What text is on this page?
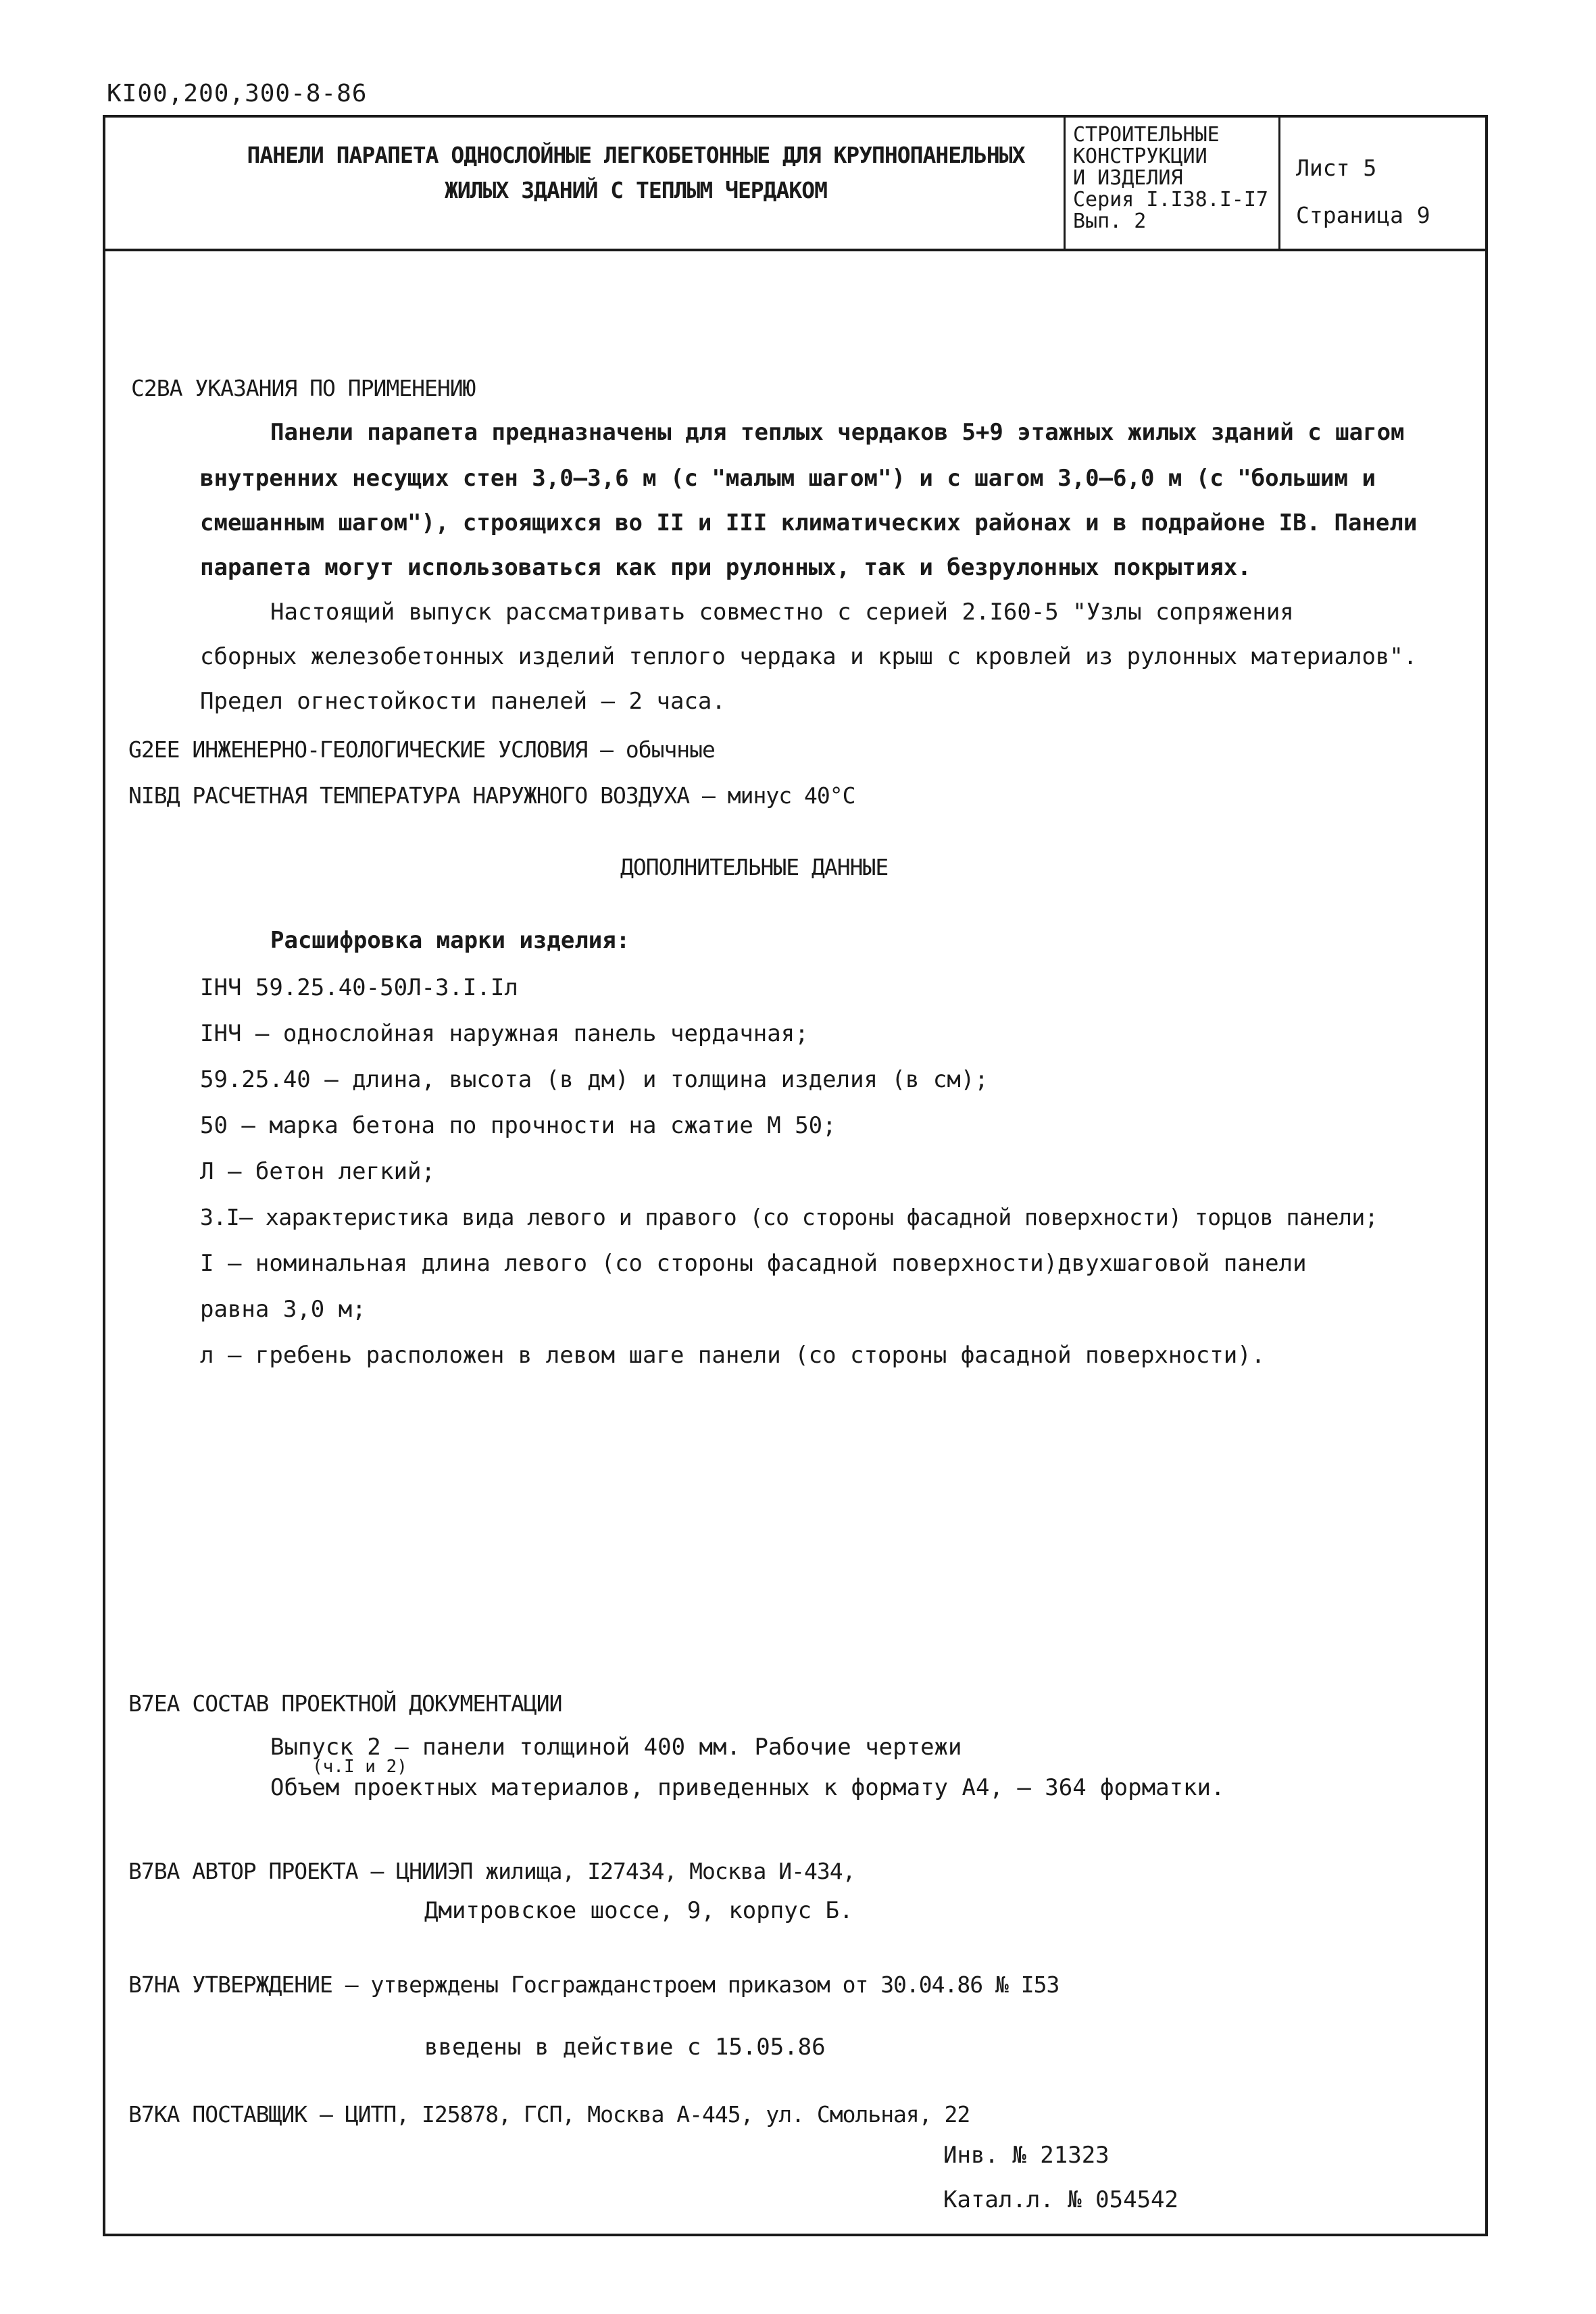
КI00,200,300-8-86
ПАНЕЛИ ПАРАПЕТА ОДНОСЛОЙНЫЕ ЛЕГКОБЕТОННЫЕ ДЛЯ КРУПНОПАНЕЛЬНЫХ
ЖИЛЫХ ЗДАНИЙ С ТЕПЛЫМ ЧЕРДАКОМ
СТРОИТЕЛЬНЫЕ
КОНСТРУКЦИИ
И ИЗДЕЛИЯ
Серия I.I38.I-I7
Вып. 2
Лист 5
Страница 9
С2ВА УКАЗАНИЯ ПО ПРИМЕНЕНИЮ
Панели парапета предназначены для теплых чердаков 5+9 этажных жилых зданий с шагом
внутренних несущих стен 3,0–3,6 м (с "малым шагом") и с шагом 3,0–6,0 м (с "большим и
смешанным шагом"), строящихся во II и III климатических районах и в подрайоне IВ. Панели
парапета могут использоваться как при рулонных, так и безрулонных покрытиях.
Настоящий выпуск рассматривать совместно с серией 2.I60-5 "Узлы сопряжения
сборных железобетонных изделий теплого чердака и крыш с кровлей из рулонных материалов".
Предел огнестойкости панелей – 2 часа.
G2EE ИНЖЕНЕРНО-ГЕОЛОГИЧЕСКИЕ УСЛОВИЯ – обычные
NIВД РАСЧЕТНАЯ ТЕМПЕРАТУРА НАРУЖНОГО ВОЗДУХА – минус 40°С
ДОПОЛНИТЕЛЬНЫЕ ДАННЫЕ
Расшифровка марки изделия:
IНЧ 59.25.40-50Л-3.I.Iл
IНЧ – однослойная наружная панель чердачная;
59.25.40 – длина, высота (в дм) и толщина изделия (в см);
50 – марка бетона по прочности на сжатие М 50;
Л – бетон легкий;
3.I– характеристика вида левого и правого (со стороны фасадной поверхности) торцов панели;
I – номинальная длина левого (со стороны фасадной поверхности)двухшаговой панели
равна 3,0 м;
л – гребень расположен в левом шаге панели (со стороны фасадной поверхности).
В7ЕА СОСТАВ ПРОЕКТНОЙ ДОКУМЕНТАЦИИ
Выпуск 2 – панели толщиной 400 мм. Рабочие чертежи
(ч.I и 2)
Объем проектных материалов, приведенных к формату А4, – 364 форматки.
В7ВА АВТОР ПРОЕКТА – ЦНИИЭП жилища, I27434, Москва И-434,
Дмитровское шоссе, 9, корпус Б.
В7НА УТВЕРЖДЕНИЕ – утверждены Госгражданстроем приказом от 30.04.86 № I53
введены в действие с 15.05.86
В7КА ПОСТАВЩИК – ЦИТП, I25878, ГСП, Москва А-445, ул. Смольная, 22
Инв. № 21323
Катал.л. № 054542
